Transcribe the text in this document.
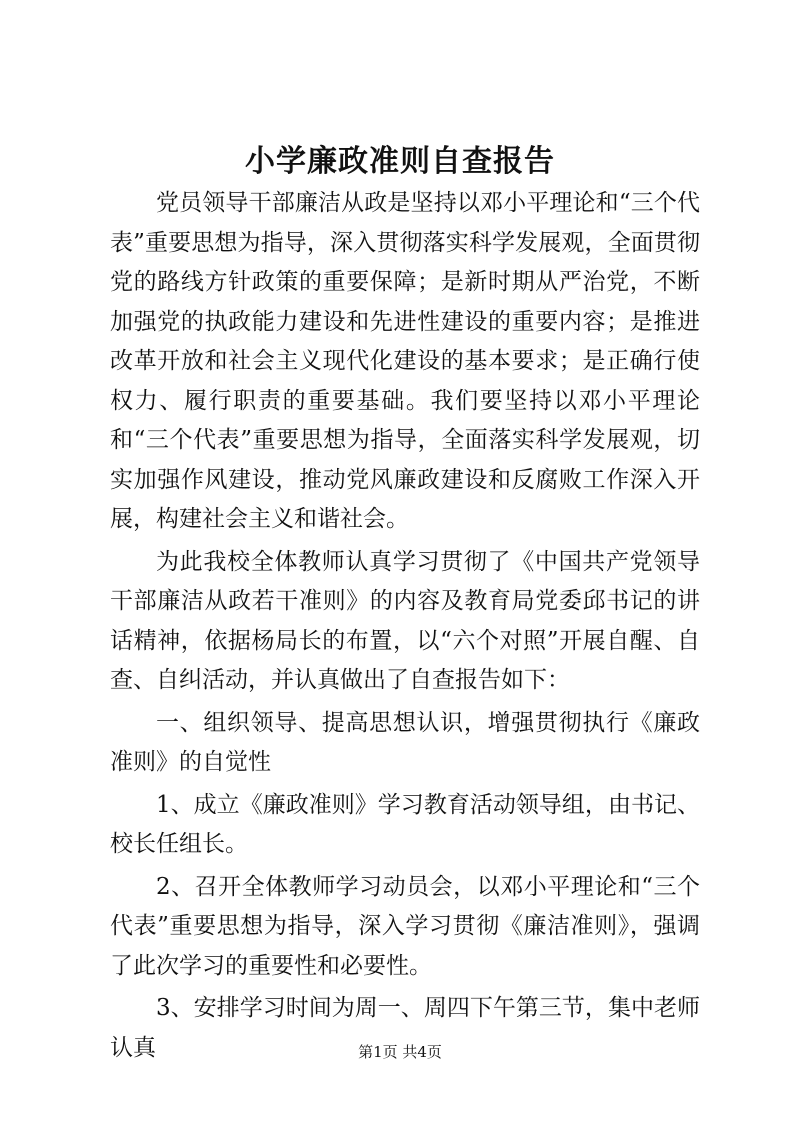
小学廉政准则自查报告

党员领导干部廉洁从政是坚持以邓小平理论和“三个代表”重要思想为指导，深入贯彻落实科学发展观，全面贯彻党的路线方针政策的重要保障；是新时期从严治党，不断加强党的执政能力建设和先进性建设的重要内容；是推进改革开放和社会主义现代化建设的基本要求；是正确行使权力、履行职责的重要基础。我们要坚持以邓小平理论和“三个代表”重要思想为指导，全面落实科学发展观，切实加强作风建设，推动党风廉政建设和反腐败工作深入开展，构建社会主义和谐社会。

为此我校全体教师认真学习贯彻了《中国共产党领导干部廉洁从政若干准则》的内容及教育局党委邱书记的讲话精神，依据杨局长的布置，以“六个对照”开展自醒、自查、自纠活动，并认真做出了自查报告如下：

一、组织领导、提高思想认识，增强贯彻执行《廉政准则》的自觉性

1、成立《廉政准则》学习教育活动领导组，由书记、校长任组长。

2、召开全体教师学习动员会，以邓小平理论和“三个代表”重要思想为指导，深入学习贯彻《廉洁准则》，强调了此次学习的重要性和必要性。

3、安排学习时间为周一、周四下午第三节，集中老师认真	第1页 共4页
